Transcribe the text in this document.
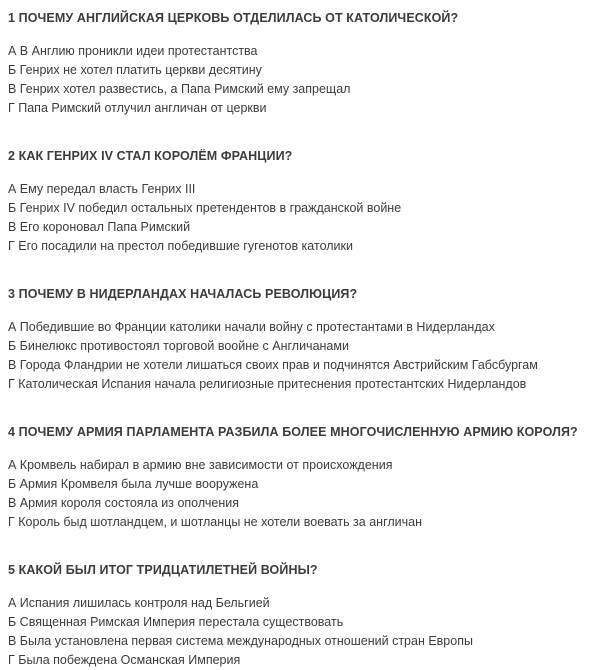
1 ПОЧЕМУ АНГЛИЙСКАЯ ЦЕРКОВЬ ОТДЕЛИЛАСЬ ОТ КАТОЛИЧЕСКОЙ?
А В Англию проникли идеи протестантства
Б Генрих не хотел платить церкви десятину
В Генрих хотел развестись, а Папа Римский ему запрещал
Г Папа Римский отлучил англичан от церкви
2 КАК ГЕНРИХ IV СТАЛ КОРОЛЁМ ФРАНЦИИ?
А Ему передал власть Генрих III
Б Генрих IV победил остальных претендентов в гражданской войне
В Его короновал Папа Римский
Г Его посадили на престол победившие гугенотов католики
3 ПОЧЕМУ В НИДЕРЛАНДАХ НАЧАЛАСЬ РЕВОЛЮЦИЯ?
А Победившие во Франции католики начали войну с протестантами в Нидерландах
Б Бинелюкс противостоял торговой воойне с Англичанами
В Города Фландрии не хотели лишаться своих прав и подчинятся Австрийским Габсбургам
Г Католическая Испания начала религиозные притеснения протестантских Нидерландов
4 ПОЧЕМУ АРМИЯ ПАРЛАМЕНТА РАЗБИЛА БОЛЕЕ МНОГОЧИСЛЕННУЮ АРМИЮ КОРОЛЯ?
А Кромвель набирал в армию вне зависимости от происхождения
Б Армия Кромвеля была лучше вооружена
В Армия короля состояла из ополчения
Г Король быд шотландцем, и шотланцы не хотели воевать за англичан
5 КАКОЙ БЫЛ ИТОГ ТРИДЦАТИЛЕТНЕЙ ВОЙНЫ?
А Испания лишилась контроля над Бельгией
Б Священная Римская Империя перестала существовать
В Была установлена первая система международных отношений стран Европы
Г Была побеждена Османская Империя
